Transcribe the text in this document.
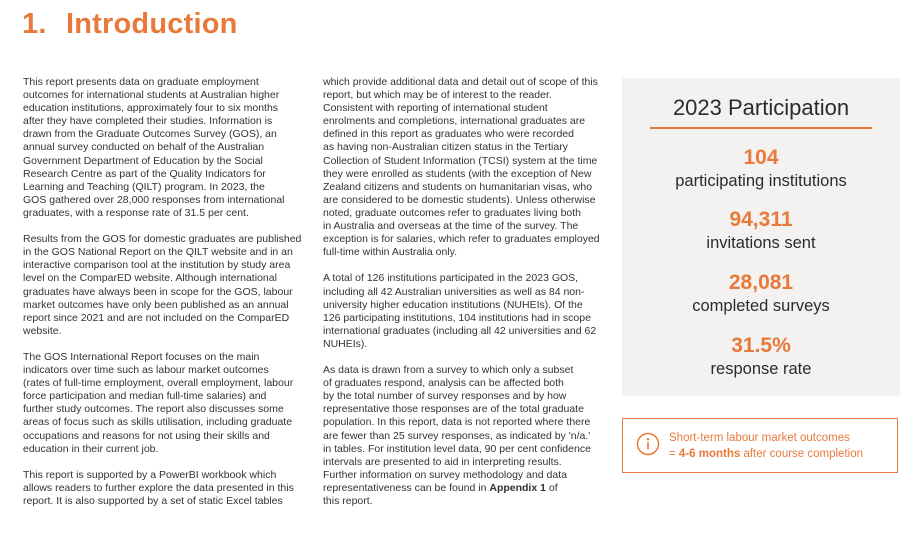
1. Introduction

This report presents data on graduate employment
outcomes for international students at Australian higher
education institutions, approximately four to six months
after they have completed their studies. Information is
drawn from the Graduate Outcomes Survey (GOS), an
annual survey conducted on behalf of the Australian
Government Department of Education by the Social
Research Centre as part of the Quality Indicators for
Learning and Teaching (QILT) program. In 2023, the
GOS gathered over 28,000 responses from international
graduates, with a response rate of 31.5 per cent.

Results from the GOS for domestic graduates are published
in the GOS National Report on the QILT website and in an
interactive comparison tool at the institution by study area
level on the ComparED website. Although international
graduates have always been in scope for the GOS, labour
market outcomes have only been published as an annual
report since 2021 and are not included on the ComparED
website.

The GOS International Report focuses on the main
indicators over time such as labour market outcomes
(rates of full-time employment, overall employment, labour
force participation and median full-time salaries) and
further study outcomes. The report also discusses some
areas of focus such as skills utilisation, including graduate
occupations and reasons for not using their skills and
education in their current job.

This report is supported by a PowerBI workbook which
allows readers to further explore the data presented in this
report. It is also supported by a set of static Excel tables

which provide additional data and detail out of scope of this
report, but which may be of interest to the reader.
Consistent with reporting of international student
enrolments and completions, international graduates are
defined in this report as graduates who were recorded
as having non-Australian citizen status in the Tertiary
Collection of Student Information (TCSI) system at the time
they were enrolled as students (with the exception of New
Zealand citizens and students on humanitarian visas, who
are considered to be domestic students). Unless otherwise
noted, graduate outcomes refer to graduates living both
in Australia and overseas at the time of the survey. The
exception is for salaries, which refer to graduates employed
full-time within Australia only.

A total of 126 institutions participated in the 2023 GOS,
including all 42 Australian universities as well as 84 non-
university higher education institutions (NUHEIs). Of the
126 participating institutions, 104 institutions had in scope
international graduates (including all 42 universities and 62
NUHEIs).

As data is drawn from a survey to which only a subset
of graduates respond, analysis can be affected both
by the total number of survey responses and by how
representative those responses are of the total graduate
population. In this report, data is not reported where there
are fewer than 25 survey responses, as indicated by 'n/a.'
in tables. For institution level data, 90 per cent confidence
intervals are presented to aid in interpreting results.
Further information on survey methodology and data
representativeness can be found in Appendix 1 of
this report.

2023 Participation
104
participating institutions
94,311
invitations sent
28,081
completed surveys
31.5%
response rate
Short-term labour market outcomes
= 4-6 months after course completion
